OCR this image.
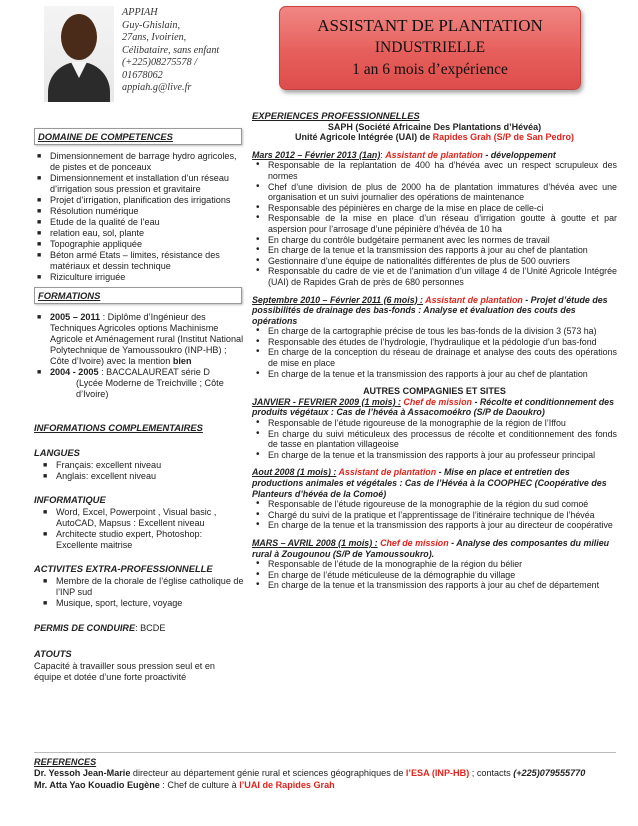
APPIAH
Guy-Ghislain,
27ans, Ivoirien,
Célibataire, sans enfant
(+225)08275578 /
01678062
appiah.g@live.fr
ASSISTANT DE PLANTATION
INDUSTRIELLE
1 an 6 mois d’expérience
DOMAINE DE COMPETENCES
■ Dimensionnement de barrage hydro agricoles, de pistes et de ponceaux
■ Dimensionnement et installation d’un réseau d’irrigation sous pression et gravitaire
■ Projet d’irrigation, planification des irrigations
■ Résolution numérique
■ Etude de la qualité de l’eau
■ relation eau, sol, plante
■ Topographie appliquée
■ Béton armé Etats – limites, résistance des matériaux et dessin technique
■ Riziculture irriguée
FORMATIONS
■ 2005 – 2011 : Diplôme d’Ingénieur des Techniques Agricoles options Machinisme Agricole et Aménagement rural (Institut National Polytechnique de Yamoussoukro (INP-HB) ; Côte d’Ivoire) avec la mention bien
■ 2004 - 2005 : BACCALAUREAT série D
(Lycée Moderne de Treichville ; Côte d’Ivoire)
INFORMATIONS COMPLEMENTAIRES
LANGUES
■ Français: excellent niveau
■ Anglais: excellent niveau
INFORMATIQUE
■ Word, Excel, Powerpoint , Visual basic , AutoCAD, Mapsus : Excellent niveau
■ Architecte studio expert, Photoshop: Excellente maitrise
ACTIVITES EXTRA-PROFESSIONNELLE
■ Membre de la chorale de l’église catholique de l’INP sud
■ Musique, sport, lecture, voyage
PERMIS DE CONDUIRE: BCDE
ATOUTS
Capacité à travailler sous pression seul et en équipe et dotée d’une forte proactivité
EXPERIENCES PROFESSIONNELLES
SAPH (Société Africaine Des Plantations d’Hévéa)
Unité Agricole Intégrée (UAI) de Rapides Grah (S/P de San Pedro)
Mars 2012 – Février 2013 (1an): Assistant de plantation - développement
• Responsable de la replantation de 400 ha d’hévéa avec un respect scrupuleux des normes
• Chef d’une division de plus de 2000 ha de plantation immatures d’hévéa avec une organisation et un suivi journalier des opérations de maintenance
• Responsable des pépinières en charge de la mise en place de celle-ci
• Responsable de la mise en place d’un réseau d’irrigation goutte à goutte et par aspersion pour l’arrosage d’une pépinière d’hévéa de 10 ha
• En charge du contrôle budgétaire permanent avec les normes de travail
• En charge de la tenue et la transmission des rapports à jour au chef de plantation
• Gestionnaire d’une équipe de nationalités différentes de plus de 500 ouvriers
• Responsable du cadre de vie et de l’animation d’un village 4 de l’Unité Agricole Intégrée (UAI) de Rapides Grah de près de 680 personnes
Septembre 2010 – Février 2011 (6 mois) : Assistant de plantation - Projet d’étude des possibilités de drainage des bas-fonds : Analyse et évaluation des couts des opérations
• En charge de la cartographie précise de tous les bas-fonds de la division 3 (573 ha)
• Responsable des études de l’hydrologie, l’hydraulique et la pédologie d’un bas-fond
• En charge de la conception du réseau de drainage et analyse des couts des opérations de mise en place
• En charge de la tenue et la transmission des rapports à jour au chef de plantation
AUTRES COMPAGNIES ET SITES
JANVIER - FEVRIER 2009 (1 mois) : Chef de mission - Récolte et conditionnement des produits végétaux : Cas de l’hévéa à Assacomoékro (S/P de Daoukro)
• Responsable de l’étude rigoureuse de la monographie de la région de l’Iffou
• En charge du suivi méticuleux des processus de récolte et conditionnement des fonds de tasse en plantation villageoise
• En charge de la tenue et la transmission des rapports à jour au professeur principal
Aout 2008 (1 mois) : Assistant de plantation - Mise en place et entretien des productions animales et végétales : Cas de l’Hévéa à la COOPHEC (Coopérative des Planteurs d’hévéa de la Comoé)
• Responsable de l’étude rigoureuse de la monographie de la région du sud comoé
• Chargé du suivi de la pratique et l’apprentissage de l’itinéraire technique de l’hévéa
• En charge de la tenue et la transmission des rapports à jour au directeur de coopérative
MARS – AVRIL 2008 (1 mois) : Chef de mission - Analyse des composantes du milieu rural à Zougounou (S/P de Yamoussoukro).
• Responsable de l’étude de la monographie de la région du bélier
• En charge de l’étude méticuleuse de la démographie du village
• En charge de la tenue et la transmission des rapports à jour au chef de département
REFERENCES
Dr. Yessoh Jean-Marie directeur au département génie rural et sciences géographiques de l’ESA (INP-HB) ; contacts (+225)079555770
Mr. Atta Yao Kouadio Eugène : Chef de culture à l’UAI de Rapides Grah
